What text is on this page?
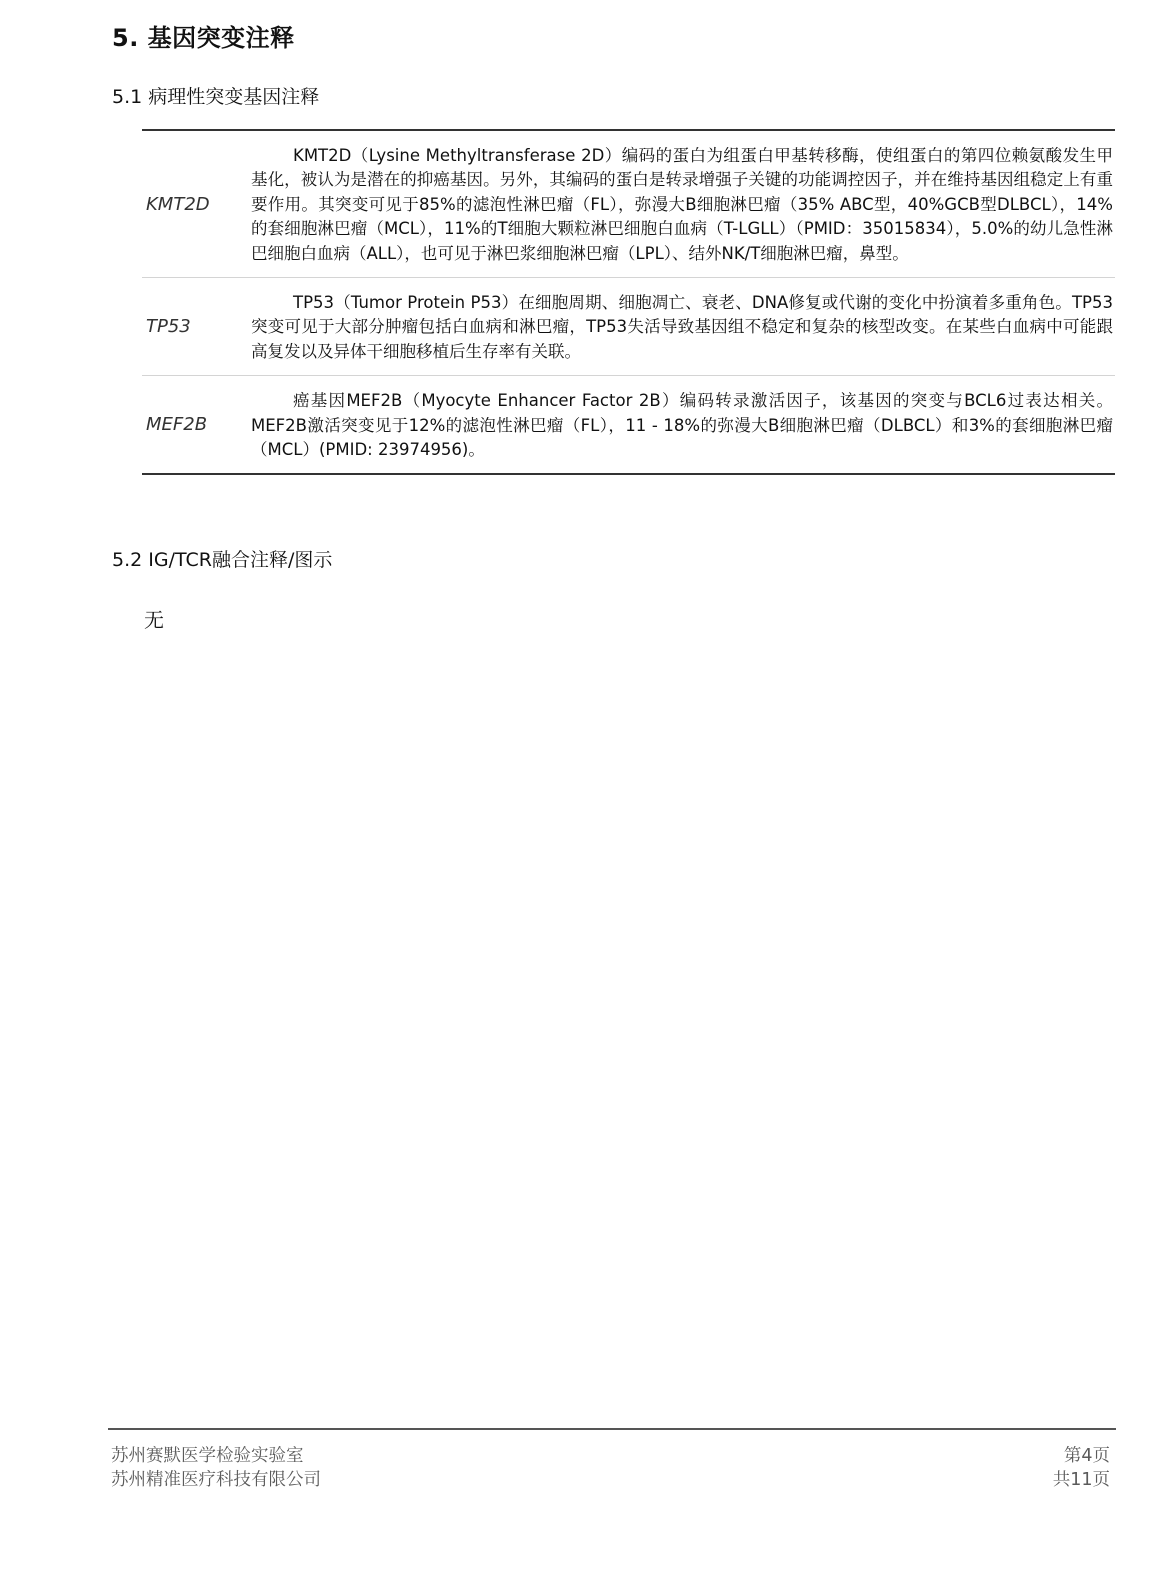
5. 基因突变注释
5.1 病理性突变基因注释
KMT2D	KMT2D（Lysine Methyltransferase 2D）编码的蛋白为组蛋白甲基转移酶，使组蛋白的第四位赖氨酸发生甲基化，被认为是潜在的抑癌基因。另外，其编码的蛋白是转录增强子关键的功能调控因子，并在维持基因组稳定上有重要作用。其突变可见于85%的滤泡性淋巴瘤（FL），弥漫大B细胞淋巴瘤（35% ABC型，40%GCB型DLBCL），14%的套细胞淋巴瘤（MCL），11%的T细胞大颗粒淋巴细胞白血病（T-LGLL）（PMID：35015834），5.0%的幼儿急性淋巴细胞白血病（ALL），也可见于淋巴浆细胞淋巴瘤（LPL）、结外NK/T细胞淋巴瘤，鼻型。
TP53	TP53（Tumor Protein P53）在细胞周期、细胞凋亡、衰老、DNA修复或代谢的变化中扮演着多重角色。TP53突变可见于大部分肿瘤包括白血病和淋巴瘤，TP53失活导致基因组不稳定和复杂的核型改变。在某些白血病中可能跟高复发以及异体干细胞移植后生存率有关联。
MEF2B	癌基因MEF2B（Myocyte Enhancer Factor 2B）编码转录激活因子，该基因的突变与BCL6过表达相关。MEF2B激活突变见于12%的滤泡性淋巴瘤（FL），11 - 18%的弥漫大B细胞淋巴瘤（DLBCL）和3%的套细胞淋巴瘤（MCL）(PMID: 23974956)。
5.2 IG/TCR融合注释/图示

无

苏州赛默医学检验实验室
苏州精准医疗科技有限公司
第4页
共11页
